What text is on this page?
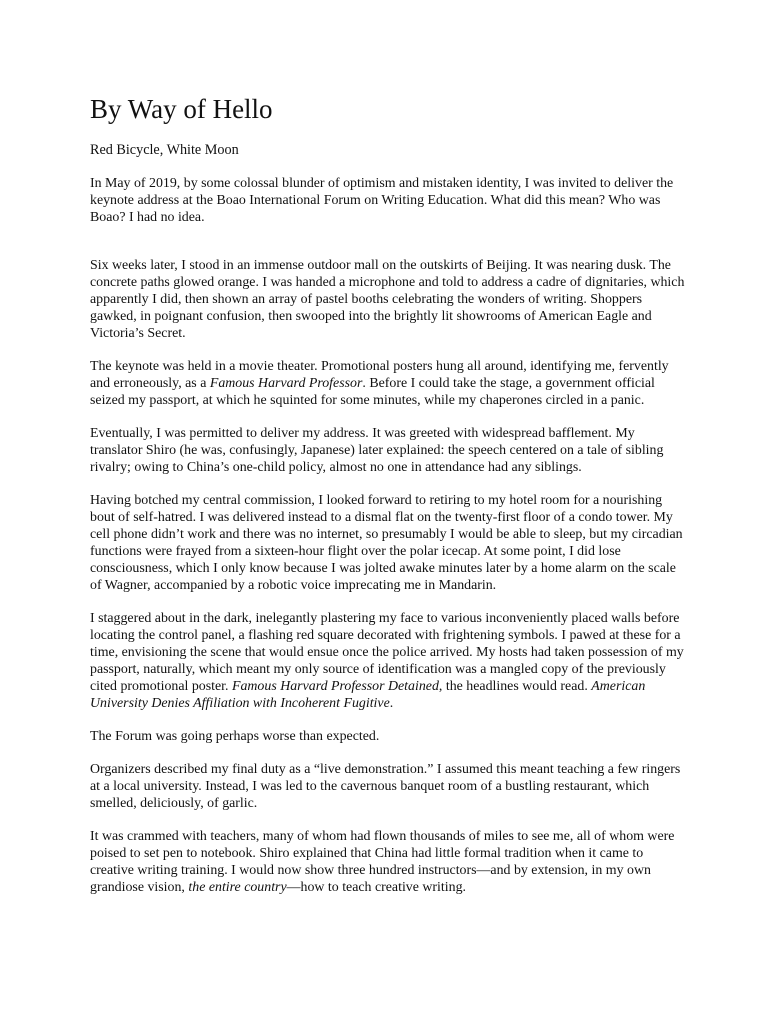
By Way of Hello
Red Bicycle, White Moon

In May of 2019, by some colossal blunder of optimism and mistaken identity, I was invited to deliver the keynote address at the Boao International Forum on Writing Education. What did this mean? Who was Boao? I had no idea.

Six weeks later, I stood in an immense outdoor mall on the outskirts of Beijing. It was nearing dusk. The concrete paths glowed orange. I was handed a microphone and told to address a cadre of dignitaries, which apparently I did, then shown an array of pastel booths celebrating the wonders of writing. Shoppers gawked, in poignant confusion, then swooped into the brightly lit showrooms of American Eagle and Victoria’s Secret.

The keynote was held in a movie theater. Promotional posters hung all around, identifying me, fervently and erroneously, as a Famous Harvard Professor. Before I could take the stage, a government official seized my passport, at which he squinted for some minutes, while my chaperones circled in a panic.

Eventually, I was permitted to deliver my address. It was greeted with widespread bafflement. My translator Shiro (he was, confusingly, Japanese) later explained: the speech centered on a tale of sibling rivalry; owing to China’s one-child policy, almost no one in attendance had any siblings.

Having botched my central commission, I looked forward to retiring to my hotel room for a nourishing bout of self-hatred. I was delivered instead to a dismal flat on the twenty-first floor of a condo tower. My cell phone didn’t work and there was no internet, so presumably I would be able to sleep, but my circadian functions were frayed from a sixteen-hour flight over the polar icecap. At some point, I did lose consciousness, which I only know because I was jolted awake minutes later by a home alarm on the scale of Wagner, accompanied by a robotic voice imprecating me in Mandarin.

I staggered about in the dark, inelegantly plastering my face to various inconveniently placed walls before locating the control panel, a flashing red square decorated with frightening symbols. I pawed at these for a time, envisioning the scene that would ensue once the police arrived. My hosts had taken possession of my passport, naturally, which meant my only source of identification was a mangled copy of the previously cited promotional poster. Famous Harvard Professor Detained, the headlines would read. American University Denies Affiliation with Incoherent Fugitive.

The Forum was going perhaps worse than expected.

Organizers described my final duty as a “live demonstration.” I assumed this meant teaching a few ringers at a local university. Instead, I was led to the cavernous banquet room of a bustling restaurant, which smelled, deliciously, of garlic.

It was crammed with teachers, many of whom had flown thousands of miles to see me, all of whom were poised to set pen to notebook. Shiro explained that China had little formal tradition when it came to creative writing training. I would now show three hundred instructors—and by extension, in my own grandiose vision, the entire country—how to teach creative writing.
